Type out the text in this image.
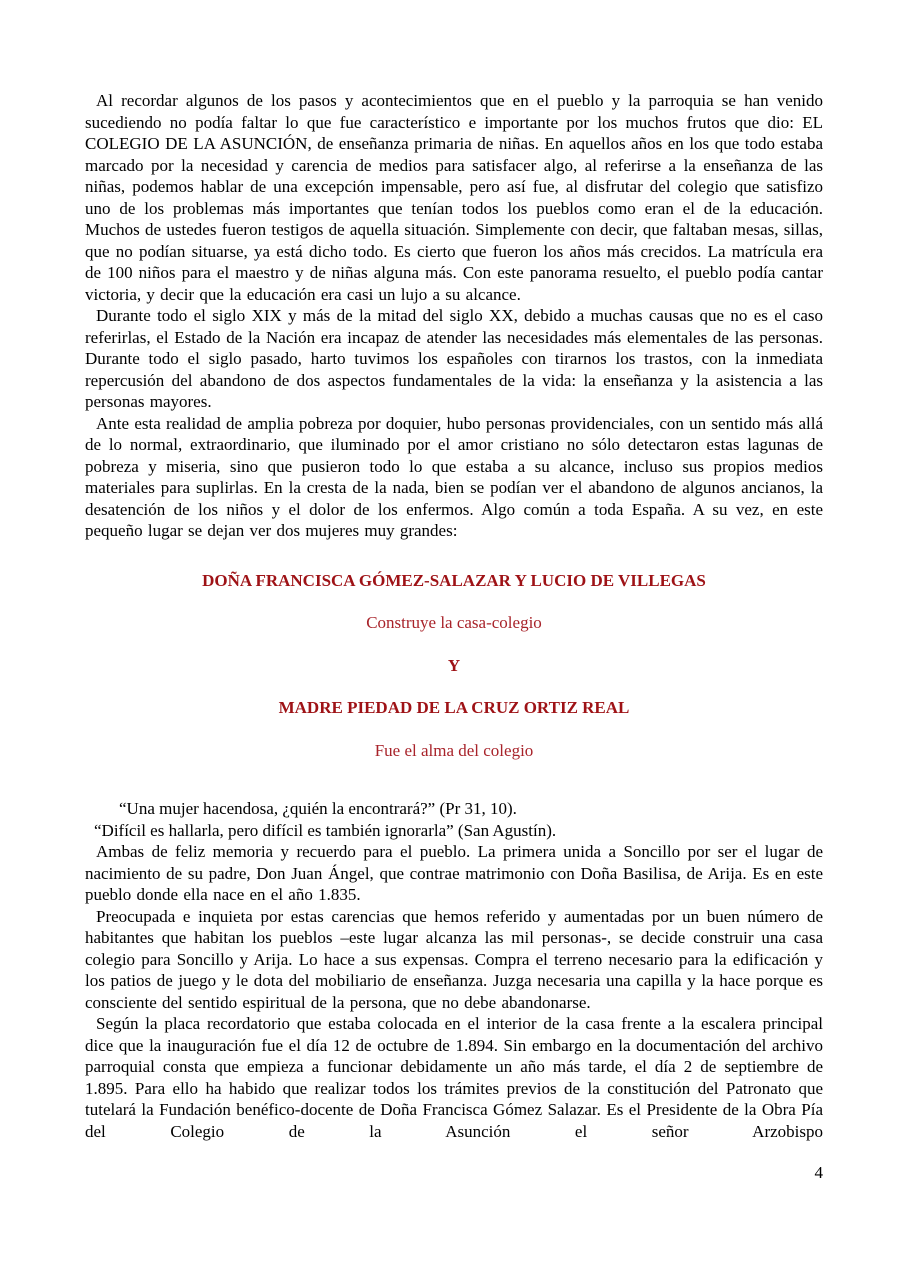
Al recordar algunos de los pasos y acontecimientos que en el pueblo y la parroquia se han venido sucediendo no podía faltar lo que fue característico e importante por los muchos frutos que dio: EL COLEGIO DE LA ASUNCIÓN, de enseñanza primaria de niñas. En aquellos años en los que todo estaba marcado por la necesidad y carencia de medios para satisfacer algo, al referirse a la enseñanza de las niñas, podemos hablar de una excepción impensable, pero así fue, al disfrutar del colegio que satisfizo uno de los problemas más importantes que tenían todos los pueblos como eran el de la educación. Muchos de ustedes fueron testigos de aquella situación. Simplemente con decir, que faltaban mesas, sillas, que no podían situarse, ya está dicho todo. Es cierto que fueron los años más crecidos. La matrícula era de 100 niños para el maestro y de niñas alguna más. Con este panorama resuelto, el pueblo podía cantar victoria, y decir que la educación era casi un lujo a su alcance.

Durante todo el siglo XIX y más de la mitad del siglo XX, debido a muchas causas que no es el caso referirlas, el Estado de la Nación era incapaz de atender las necesidades más elementales de las personas. Durante todo el siglo pasado, harto tuvimos los españoles con tirarnos los trastos, con la inmediata repercusión del abandono de dos aspectos fundamentales de la vida: la enseñanza y la asistencia a las personas mayores.

Ante esta realidad de amplia pobreza por doquier, hubo personas providenciales, con un sentido más allá de lo normal, extraordinario, que iluminado por el amor cristiano no sólo detectaron estas lagunas de pobreza y miseria, sino que pusieron todo lo que estaba a su alcance, incluso sus propios medios materiales para suplirlas. En la cresta de la nada, bien se podían ver el abandono de algunos ancianos, la desatención de los niños y el dolor de los enfermos. Algo común a toda España. A su vez, en este pequeño lugar se dejan ver dos mujeres muy grandes:

DOÑA FRANCISCA GÓMEZ-SALAZAR Y LUCIO DE VILLEGAS
Construye la casa-colegio
Y
MADRE PIEDAD DE LA CRUZ ORTIZ REAL
Fue el alma del colegio

“Una mujer hacendosa, ¿quién la encontrará?” (Pr 31, 10).

“Difícil es hallarla, pero difícil es también ignorarla” (San Agustín).

Ambas de feliz memoria y recuerdo para el pueblo. La primera unida a Soncillo por ser el lugar de nacimiento de su padre, Don Juan Ángel, que contrae matrimonio con Doña Basilisa, de Arija. Es en este pueblo donde ella nace en el año 1.835.

Preocupada e inquieta por estas carencias que hemos referido y aumentadas por un buen número de habitantes que habitan los pueblos –este lugar alcanza las mil personas-, se decide construir una casa colegio para Soncillo y Arija. Lo hace a sus expensas. Compra el terreno necesario para la edificación y los patios de juego y le dota del mobiliario de enseñanza. Juzga necesaria una capilla y la hace porque es consciente del sentido espiritual de la persona, que no debe abandonarse.

Según la placa recordatorio que estaba colocada en el interior de la casa frente a la escalera principal dice que la inauguración fue el día 12 de octubre de 1.894. Sin embargo en la documentación del archivo parroquial consta que empieza a funcionar debidamente un año más tarde, el día 2 de septiembre de 1.895. Para ello ha habido que realizar todos los trámites previos de la constitución del Patronato que tutelará la Fundación benéfico-docente de Doña Francisca Gómez Salazar. Es el Presidente de la Obra Pía del Colegio de la Asunción el señor Arzobispo

4
